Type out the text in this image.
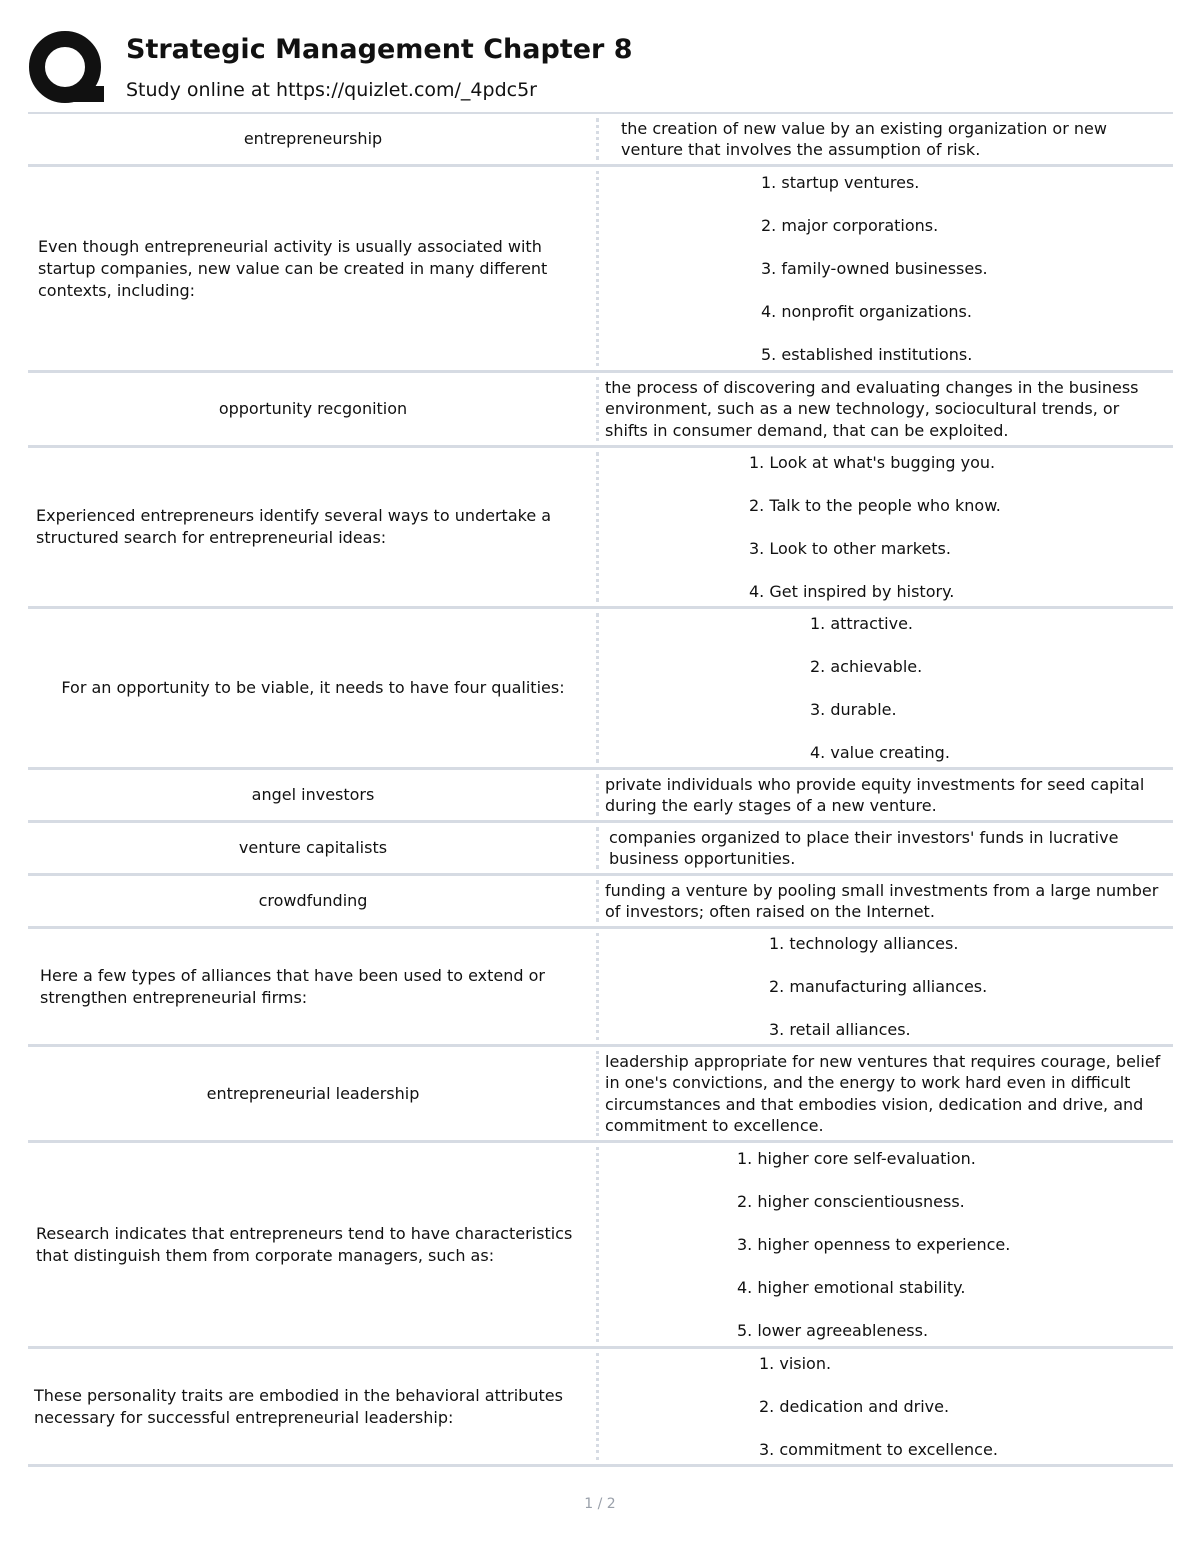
Strategic Management Chapter 8
Study online at https://quizlet.com/_4pdc5r
entrepreneurship
the creation of new value by an existing organization or new venture that involves the assumption of risk.
Even though entrepreneurial activity is usually associated with startup companies, new value can be created in many different contexts, including:
1. startup ventures.
2. major corporations.
3. family-owned businesses.
4. nonprofit organizations.
5. established institutions.
opportunity recgonition
the process of discovering and evaluating changes in the business environment, such as a new technology, sociocultural trends, or shifts in consumer demand, that can be exploited.
Experienced entrepreneurs identify several ways to undertake a structured search for entrepreneurial ideas:
1. Look at what's bugging you.
2. Talk to the people who know.
3. Look to other markets.
4. Get inspired by history.
For an opportunity to be viable, it needs to have four qualities:
1. attractive.
2. achievable.
3. durable.
4. value creating.
angel investors
private individuals who provide equity investments for seed capital during the early stages of a new venture.
venture capitalists
companies organized to place their investors' funds in lucrative business opportunities.
crowdfunding
funding a venture by pooling small investments from a large number of investors; often raised on the Internet.
Here a few types of alliances that have been used to extend or strengthen entrepreneurial firms:
1. technology alliances.
2. manufacturing alliances.
3. retail alliances.
entrepreneurial leadership
leadership appropriate for new ventures that requires courage, belief in one's convictions, and the energy to work hard even in difficult circumstances and that embodies vision, dedication and drive, and commitment to excellence.
Research indicates that entrepreneurs tend to have characteristics that distinguish them from corporate managers, such as:
1. higher core self-evaluation.
2. higher conscientiousness.
3. higher openness to experience.
4. higher emotional stability.
5. lower agreeableness.
These personality traits are embodied in the behavioral attributes necessary for successful entrepreneurial leadership:
1. vision.
2. dedication and drive.
3. commitment to excellence.
1 / 2
